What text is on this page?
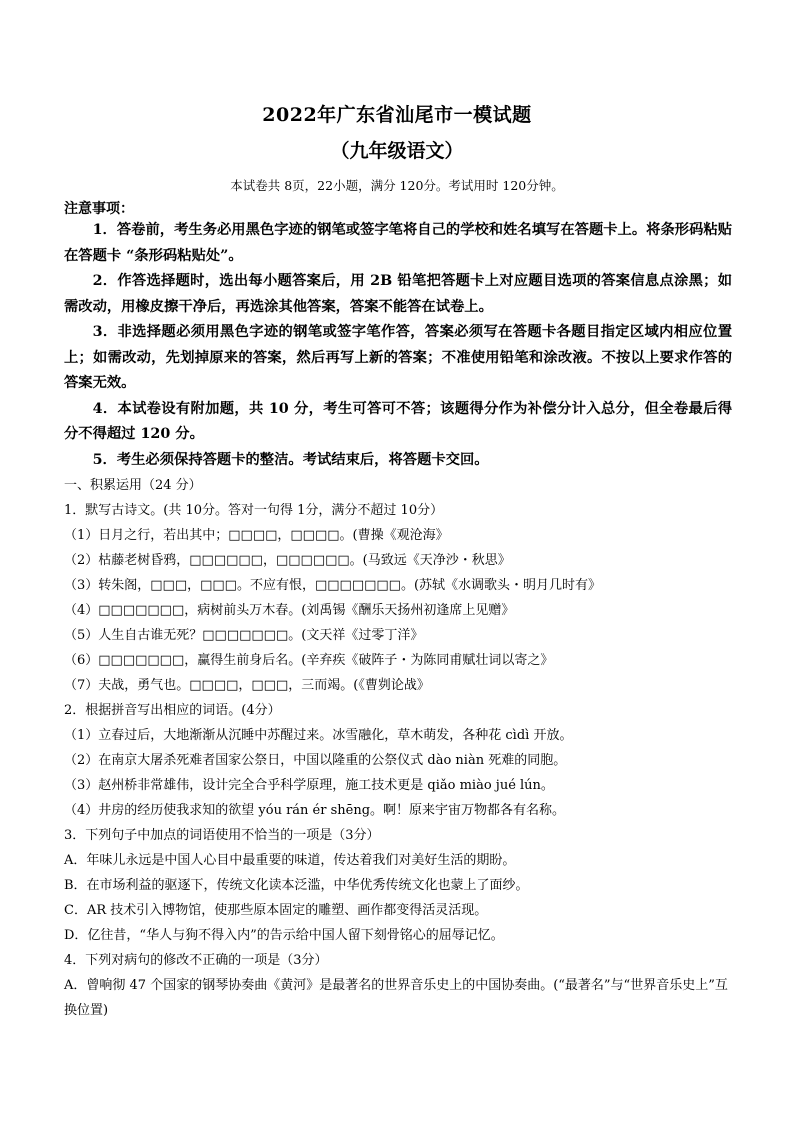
2022年广东省汕尾市一模试题
（九年级语文）
本试卷共 8页，22小题，满分 120分。考试用时 120分钟。
注意事项：

1．答卷前，考生务必用黑色字迹的钢笔或签字笔将自己的学校和姓名填写在答题卡上。将条形码粘贴在答题卡 “条形码粘贴处”。

2．作答选择题时，选出每小题答案后，用 2B 铅笔把答题卡上对应题目选项的答案信息点涂黑；如需改动，用橡皮擦干净后，再选涂其他答案，答案不能答在试卷上。

3．非选择题必须用黑色字迹的钢笔或签字笔作答，答案必须写在答题卡各题目指定区域内相应位置上；如需改动，先划掉原来的答案，然后再写上新的答案；不准使用铅笔和涂改液。不按以上要求作答的答案无效。

4．本试卷设有附加题，共 10 分，考生可答可不答；该题得分作为补偿分计入总分，但全卷最后得分不得超过 120 分。

5．考生必须保持答题卡的整洁。考试结束后，将答题卡交回。

一、积累运用（24 分）

1．默写古诗文。(共 10分。答对一句得 1分，满分不超过 10分）

（1）日月之行，若出其中；□□□□，□□□□。(曹操《观沧海》

（2）枯藤老树昏鸦，□□□□□□，□□□□□□。(马致远《天净沙・秋思》

（3）转朱阁，□□□，□□□。不应有恨，□□□□□□□。(苏轼《水调歌头・明月几时有》

（4）□□□□□□□，病树前头万木春。(刘禹锡《酬乐天扬州初逢席上见赠》

（5）人生自古谁无死？□□□□□□□。(文天祥《过零丁洋》

（6）□□□□□□□，赢得生前身后名。(辛弃疾《破阵子・为陈同甫赋壮词以寄之》

（7）夫战，勇气也。□□□□，□□□，三而竭。(《曹刿论战》

2．根据拼音写出相应的词语。(4分）

（1）立春过后，大地渐渐从沉睡中苏醒过来。冰雪融化，草木萌发，各种花 cìdì 开放。

（2）在南京大屠杀死难者国家公祭日，中国以隆重的公祭仪式 dào niàn 死难的同胞。

（3）赵州桥非常雄伟，设计完全合乎科学原理，施工技术更是 qiǎo miào jué lún。

（4）井房的经历使我求知的欲望 yóu rán ér shēng。啊！原来宇宙万物都各有名称。

3．下列句子中加点的词语使用不恰当的一项是（3分）

A．年味儿永远是中国人心目中最重要的味道，传达着我们对美好生活的期盼。

B．在市场利益的驱逐下，传统文化读本泛滥，中华优秀传统文化也蒙上了面纱。

C．AR 技术引入博物馆，使那些原本固定的雕塑、画作都变得活灵活现。

D．亿往昔，“华人与狗不得入内”的告示给中国人留下刻骨铭心的屈辱记忆。

4．下列对病句的修改不正确的一项是（3分）

A．曾响彻 47 个国家的钢琴协奏曲《黄河》是最著名的世界音乐史上的中国协奏曲。(“最著名”与“世界音乐史上”互换位置)
